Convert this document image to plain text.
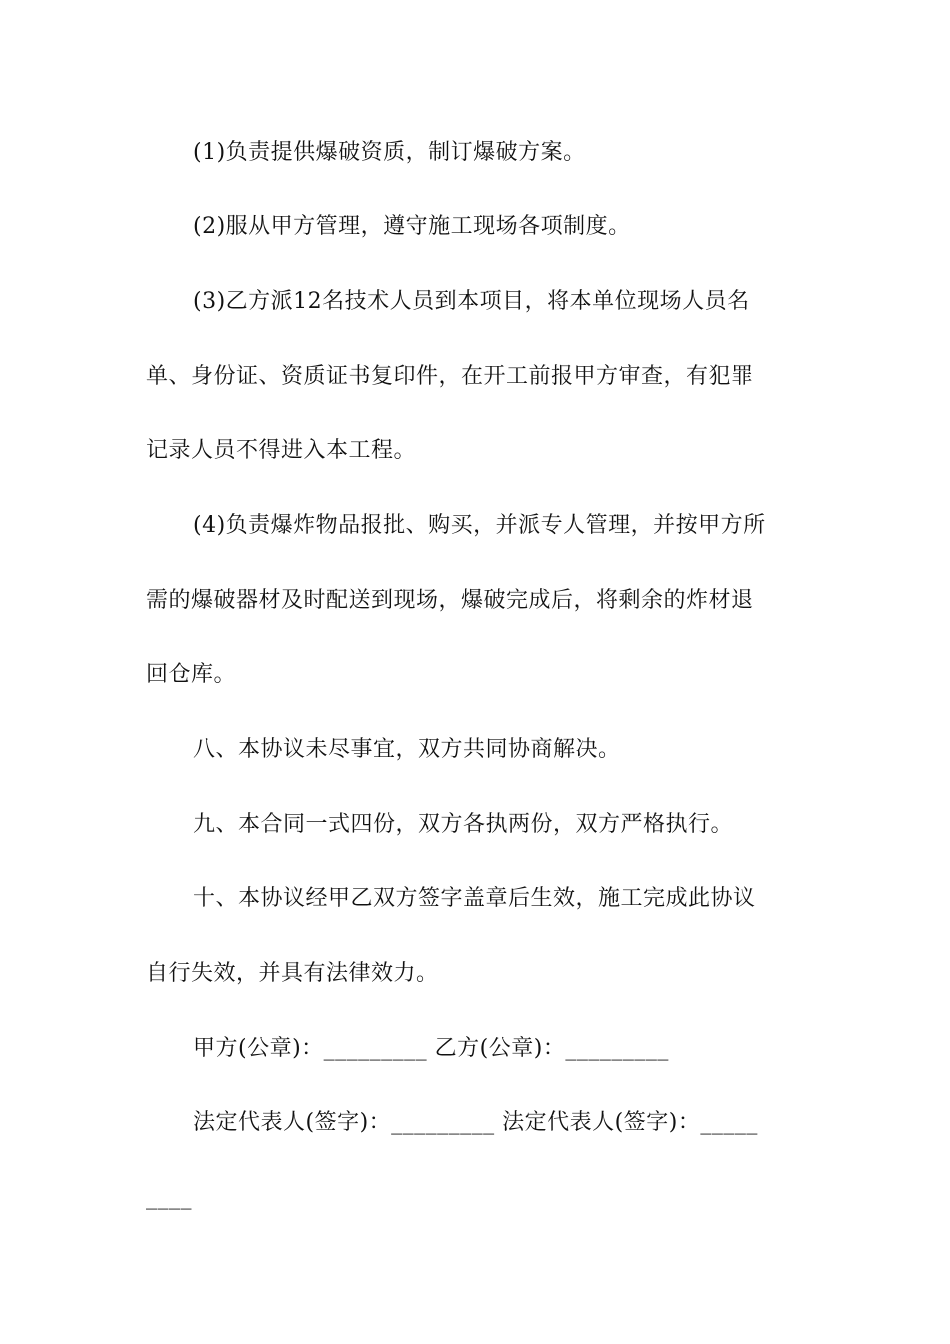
(1)负责提供爆破资质，制订爆破方案。
(2)服从甲方管理，遵守施工现场各项制度。
(3)乙方派12名技术人员到本项目，将本单位现场人员名
单、身份证、资质证书复印件，在开工前报甲方审查，有犯罪
记录人员不得进入本工程。
(4)负责爆炸物品报批、购买，并派专人管理，并按甲方所
需的爆破器材及时配送到现场，爆破完成后，将剩余的炸材退
回仓库。
八、本协议未尽事宜，双方共同协商解决。
九、本合同一式四份，双方各执两份，双方严格执行。
十、本协议经甲乙双方签字盖章后生效，施工完成此协议
自行失效，并具有法律效力。
甲方(公章)：_________ 乙方(公章)：_________
法定代表人(签字)：_________ 法定代表人(签字)：_____
____
